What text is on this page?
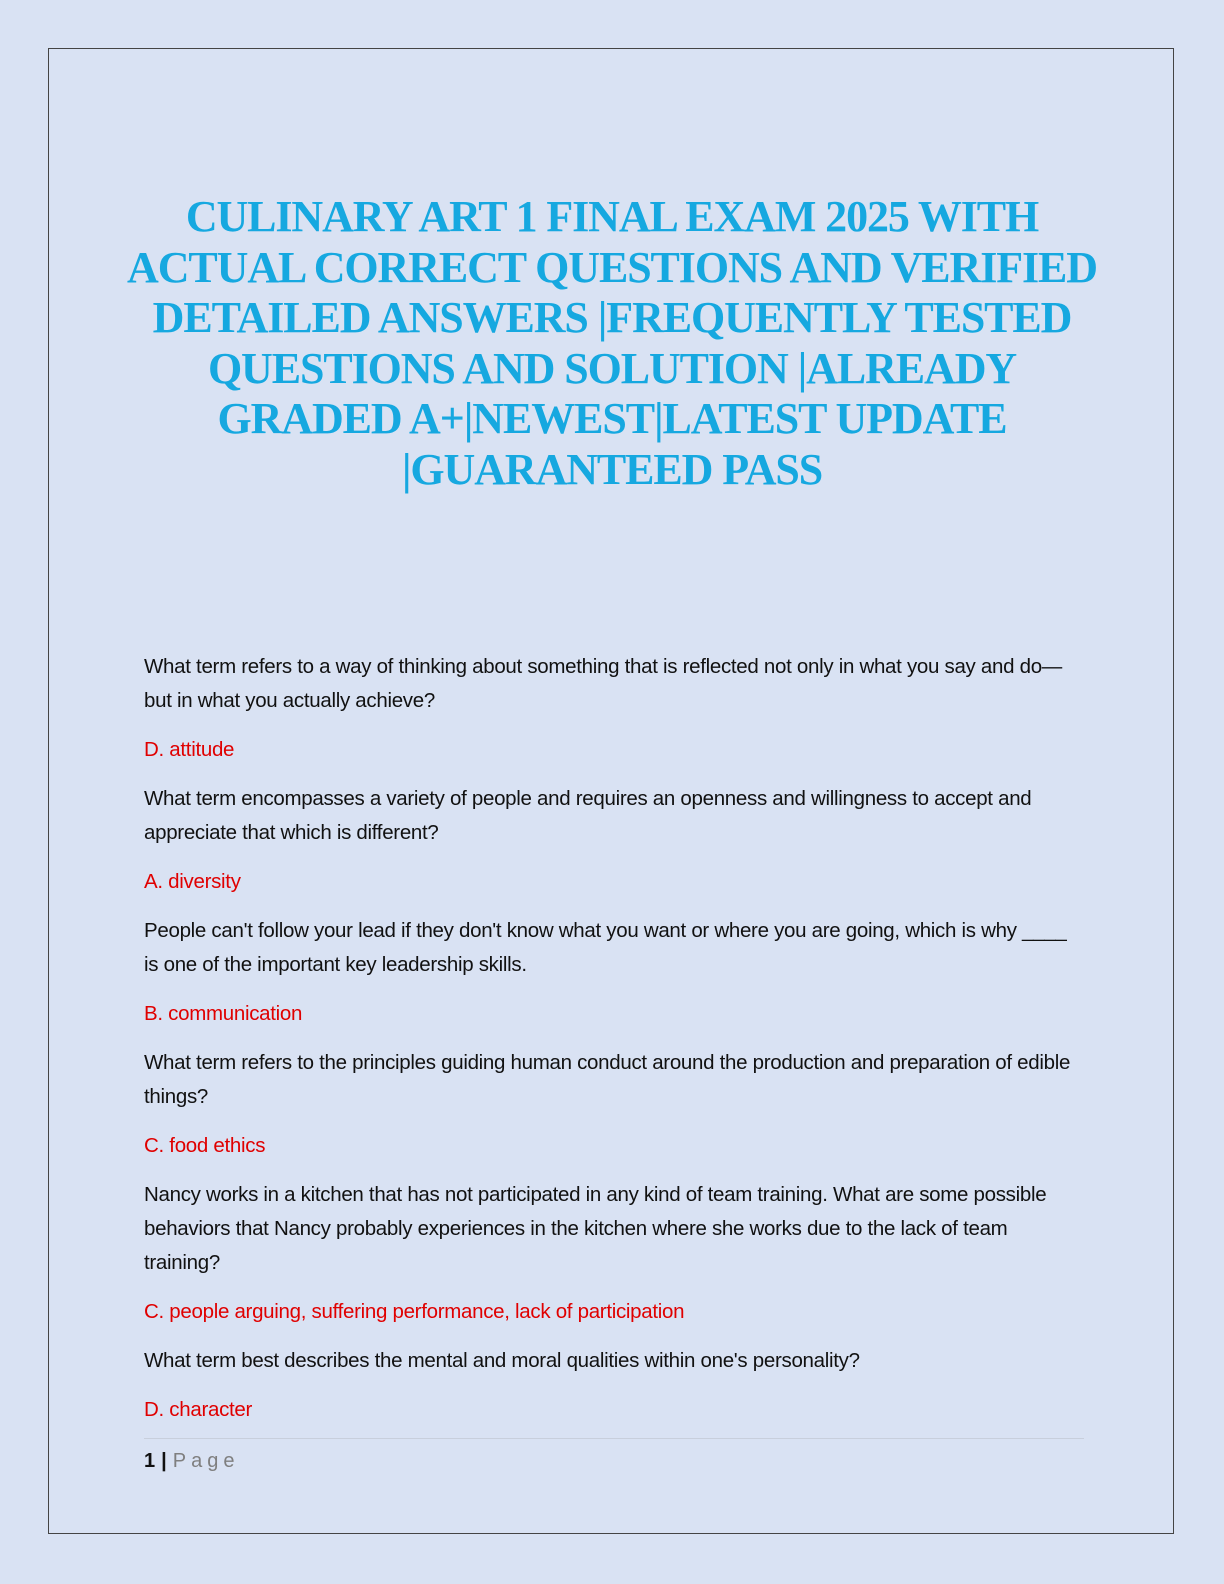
CULINARY ART 1 FINAL EXAM 2025 WITH ACTUAL CORRECT QUESTIONS AND VERIFIED DETAILED ANSWERS |FREQUENTLY TESTED QUESTIONS AND SOLUTION |ALREADY GRADED A+|NEWEST|LATEST UPDATE |GUARANTEED PASS

What term refers to a way of thinking about something that is reflected not only in what you say and do—but in what you actually achieve?

D. attitude

What term encompasses a variety of people and requires an openness and willingness to accept and appreciate that which is different?

A. diversity

People can't follow your lead if they don't know what you want or where you are going, which is why ____ is one of the important key leadership skills.

B. communication

What term refers to the principles guiding human conduct around the production and preparation of edible things?

C. food ethics

Nancy works in a kitchen that has not participated in any kind of team training. What are some possible behaviors that Nancy probably experiences in the kitchen where she works due to the lack of team training?

C. people arguing, suffering performance, lack of participation

What term best describes the mental and moral qualities within one's personality?

D. character

1 | Page
